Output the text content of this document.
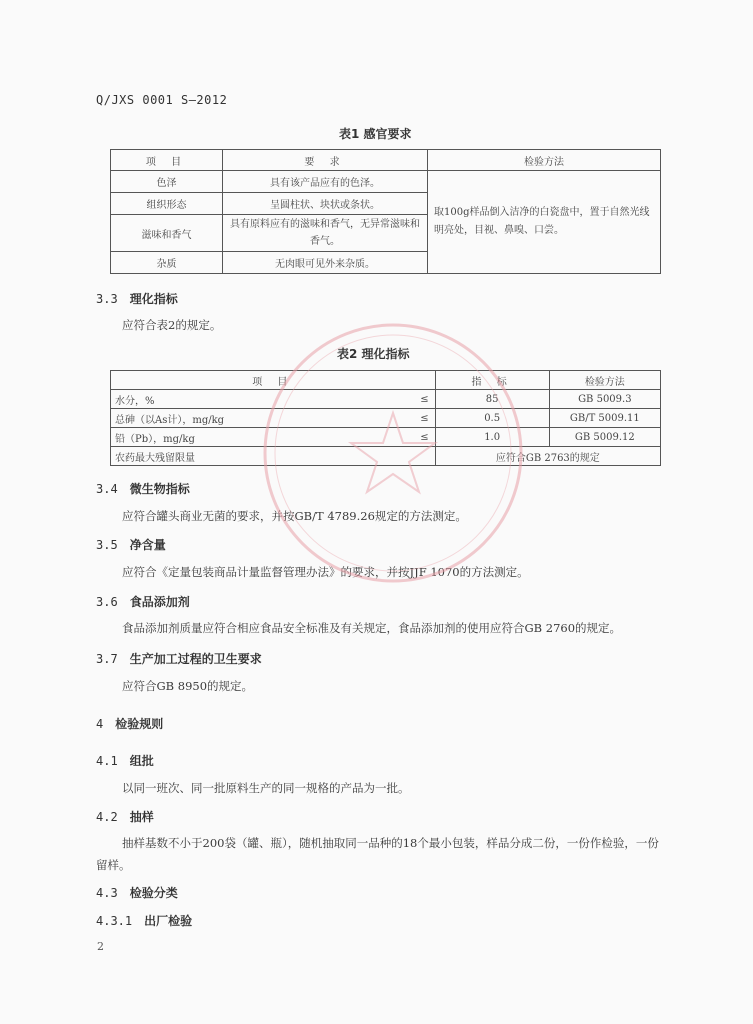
Q/JXS 0001 S—2012
表1 感官要求
项 目	要 求	检验方法
色泽	具有该产品应有的色泽。	取100g样品倒入洁净的白瓷盘中，置于自然光线明亮处，目视、鼻嗅、口尝。
组织形态	呈圆柱状、块状或条状。	
滋味和香气	具有原料应有的滋味和香气，无异常滋味和香气。	
杂质	无肉眼可见外来杂质。	
3.3 理化指标
应符合表2的规定。
表2 理化指标
项 目		指 标	检验方法
水分，%	≤	85	GB 5009.3
总砷（以As计），mg/kg	≤	0.5	GB/T 5009.11
铅（Pb），mg/kg	≤	1.0	GB 5009.12
农药最大残留限量		应符合GB 2763的规定	
3.4 微生物指标
应符合罐头商业无菌的要求，并按GB/T 4789.26规定的方法测定。
3.5 净含量
应符合《定量包装商品计量监督管理办法》的要求，并按JJF 1070的方法测定。
3.6 食品添加剂
食品添加剂质量应符合相应食品安全标准及有关规定，食品添加剂的使用应符合GB 2760的规定。
3.7 生产加工过程的卫生要求
应符合GB 8950的规定。
4 检验规则
4.1 组批
以同一班次、同一批原料生产的同一规格的产品为一批。
4.2 抽样
抽样基数不小于200袋（罐、瓶），随机抽取同一品种的18个最小包装，样品分成二份，一份作检验，一份留样。
4.3 检验分类
4.3.1 出厂检验
2
